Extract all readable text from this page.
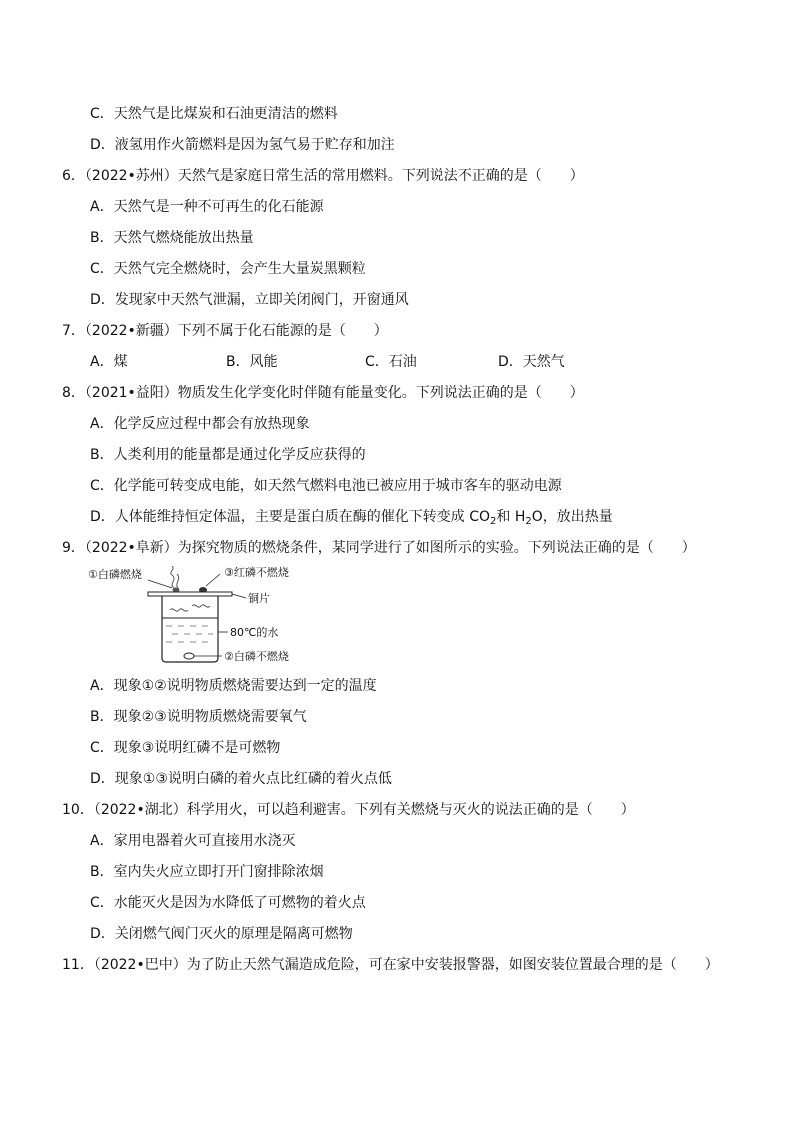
C．天然气是比煤炭和石油更清洁的燃料
D．液氢用作火箭燃料是因为氢气易于贮存和加注
6．（2022•苏州）天然气是家庭日常生活的常用燃料。下列说法不正确的是（　　）
A．天然气是一种不可再生的化石能源
B．天然气燃烧能放出热量
C．天然气完全燃烧时，会产生大量炭黑颗粒
D．发现家中天然气泄漏，立即关闭阀门，开窗通风
7．（2022•新疆）下列不属于化石能源的是（　　）
A．煤	B．风能	C．石油	D．天然气
8．（2021•益阳）物质发生化学变化时伴随有能量变化。下列说法正确的是（　　）
A．化学反应过程中都会有放热现象
B．人类利用的能量都是通过化学反应获得的
C．化学能可转变成电能，如天然气燃料电池已被应用于城市客车的驱动电源
D．人体能维持恒定体温，主要是蛋白质在酶的催化下转变成 $CO_2$和 $H_2O$，放出热量
9．（2022•阜新）为探究物质的燃烧条件，某同学进行了如图所示的实验。下列说法正确的是（　　）
③红磷不燃烧
①白磷燃烧
铜片
80℃的水
②白磷不燃烧
A．现象①②说明物质燃烧需要达到一定的温度
B．现象②③说明物质燃烧需要氧气
C．现象③说明红磷不是可燃物
D．现象①③说明白磷的着火点比红磷的着火点低
10．（2022•湖北）科学用火，可以趋利避害。下列有关燃烧与灭火的说法正确的是（　　）
A．家用电器着火可直接用水浇灭
B．室内失火应立即打开门窗排除浓烟
C．水能灭火是因为水降低了可燃物的着火点
D．关闭燃气阀门灭火的原理是隔离可燃物
11．（2022•巴中）为了防止天然气漏造成危险，可在家中安装报警器，如图安装位置最合理的是（　　）
